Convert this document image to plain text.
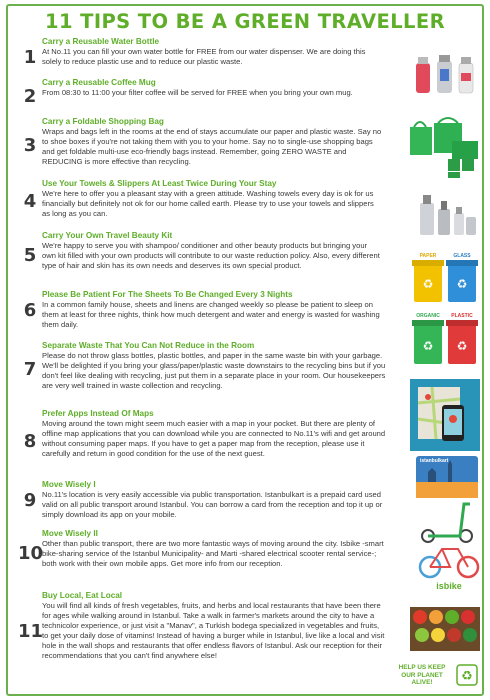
11 TIPS TO BE A GREEN TRAVELLER
1
Carry a Reusable Water Bottle
At No.11 you can fill your own water bottle for FREE from our water dispenser. We are doing this solely to reduce plastic use and to reduce our plastic waste.
2
Carry a Reusable Coffee Mug
From 08:30 to 11:00 your filter coffee will be served for FREE when you bring your own mug.
3
Carry a Foldable Shopping Bag
Wraps and bags left in the rooms at the end of stays accumulate our paper and plastic waste. Say no to shoe boxes if you're not taking them with you to your home. Say no to single-use shopping bags and get foldable multi-use eco-friendly bags instead. Remember, going ZERO WASTE and REDUCING is more effective than recycling.
4
Use Your Towels & Slippers At Least Twice During Your Stay
We're here to offer you a pleasant stay with a green attitude. Washing towels every day is ok for us financially but definitely not ok for our home called earth. Please try to use your towels and slippers as long as you can.
5
Carry Your Own Travel Beauty Kit
We're happy to serve you with shampoo/ conditioner and other beauty products but bringing your own kit filled with your own products will contribute to our waste reduction policy. Also, every different type of hair and skin has its own needs and deserves its own special product.
PAPER	GLASS
♻ ♻
ORGANIC	PLASTIC
♻ ♻
6
Please Be Patient For The Sheets To Be Changed Every 3 Nights
In a common family house, sheets and linens are changed weekly so please be patient to sleep on them at least for three nights, think how much detergent and water and energy is wasted for washing them daily.
7
Separate Waste That You Can Not Reduce in the Room
Please do not throw glass bottles, plastic bottles, and paper in the same waste bin with your garbage. We'll be delighted if you bring your glass/paper/plastic waste downstairs to the recycling bins but if you don't feel like dealing with recycling, just put them in a separate place in your room. Our housekeepers are very well trained in waste collection and recycling.
8
Prefer Apps Instead Of Maps
Moving around the town might seem much easier with a map in your pocket. But there are plenty of offline map applications that you can download while you are connected to No.11's wifi and get around without consuming paper maps. If you have to get a paper map from the reception, please use it carefully and return in good condition for the use of the next guest.
9
Move Wisely I
No.11's location is very easily accessible via public transportation. Istanbulkart is a prepaid card used valid on all public transport around Istanbul. You can borrow a card from the reception and top it up or simply download its app on your mobile.
istanbulkart
10
Move Wisely II
Other than public transport, there are two more fantastic ways of moving around the city. Isbike -smart bike-sharing service of the Istanbul Municipality- and Marti -shared electrical scooter rental service-; both work with their own mobile apps. Get more info from our reception.
isbike
11
Buy Local, Eat Local
You will find all kinds of fresh vegetables, fruits, and herbs and local restaurants that have been there for ages while walking around in Istanbul. Take a walk in farmer's markets around the city to have a technicolor experience, or just visit a "Manav", a Turkish bodega specialized in vegetables and fruits, to get your daily dose of vitamins! Instead of having a burger while in Istanbul, live like a local and visit hole in the wall shops and restaurants that offer endless flavors of Istanbul. Ask our reception for their recommendations that you can't find anywhere else!
HELP US KEEP OUR PLANET ALIVE!	♻
